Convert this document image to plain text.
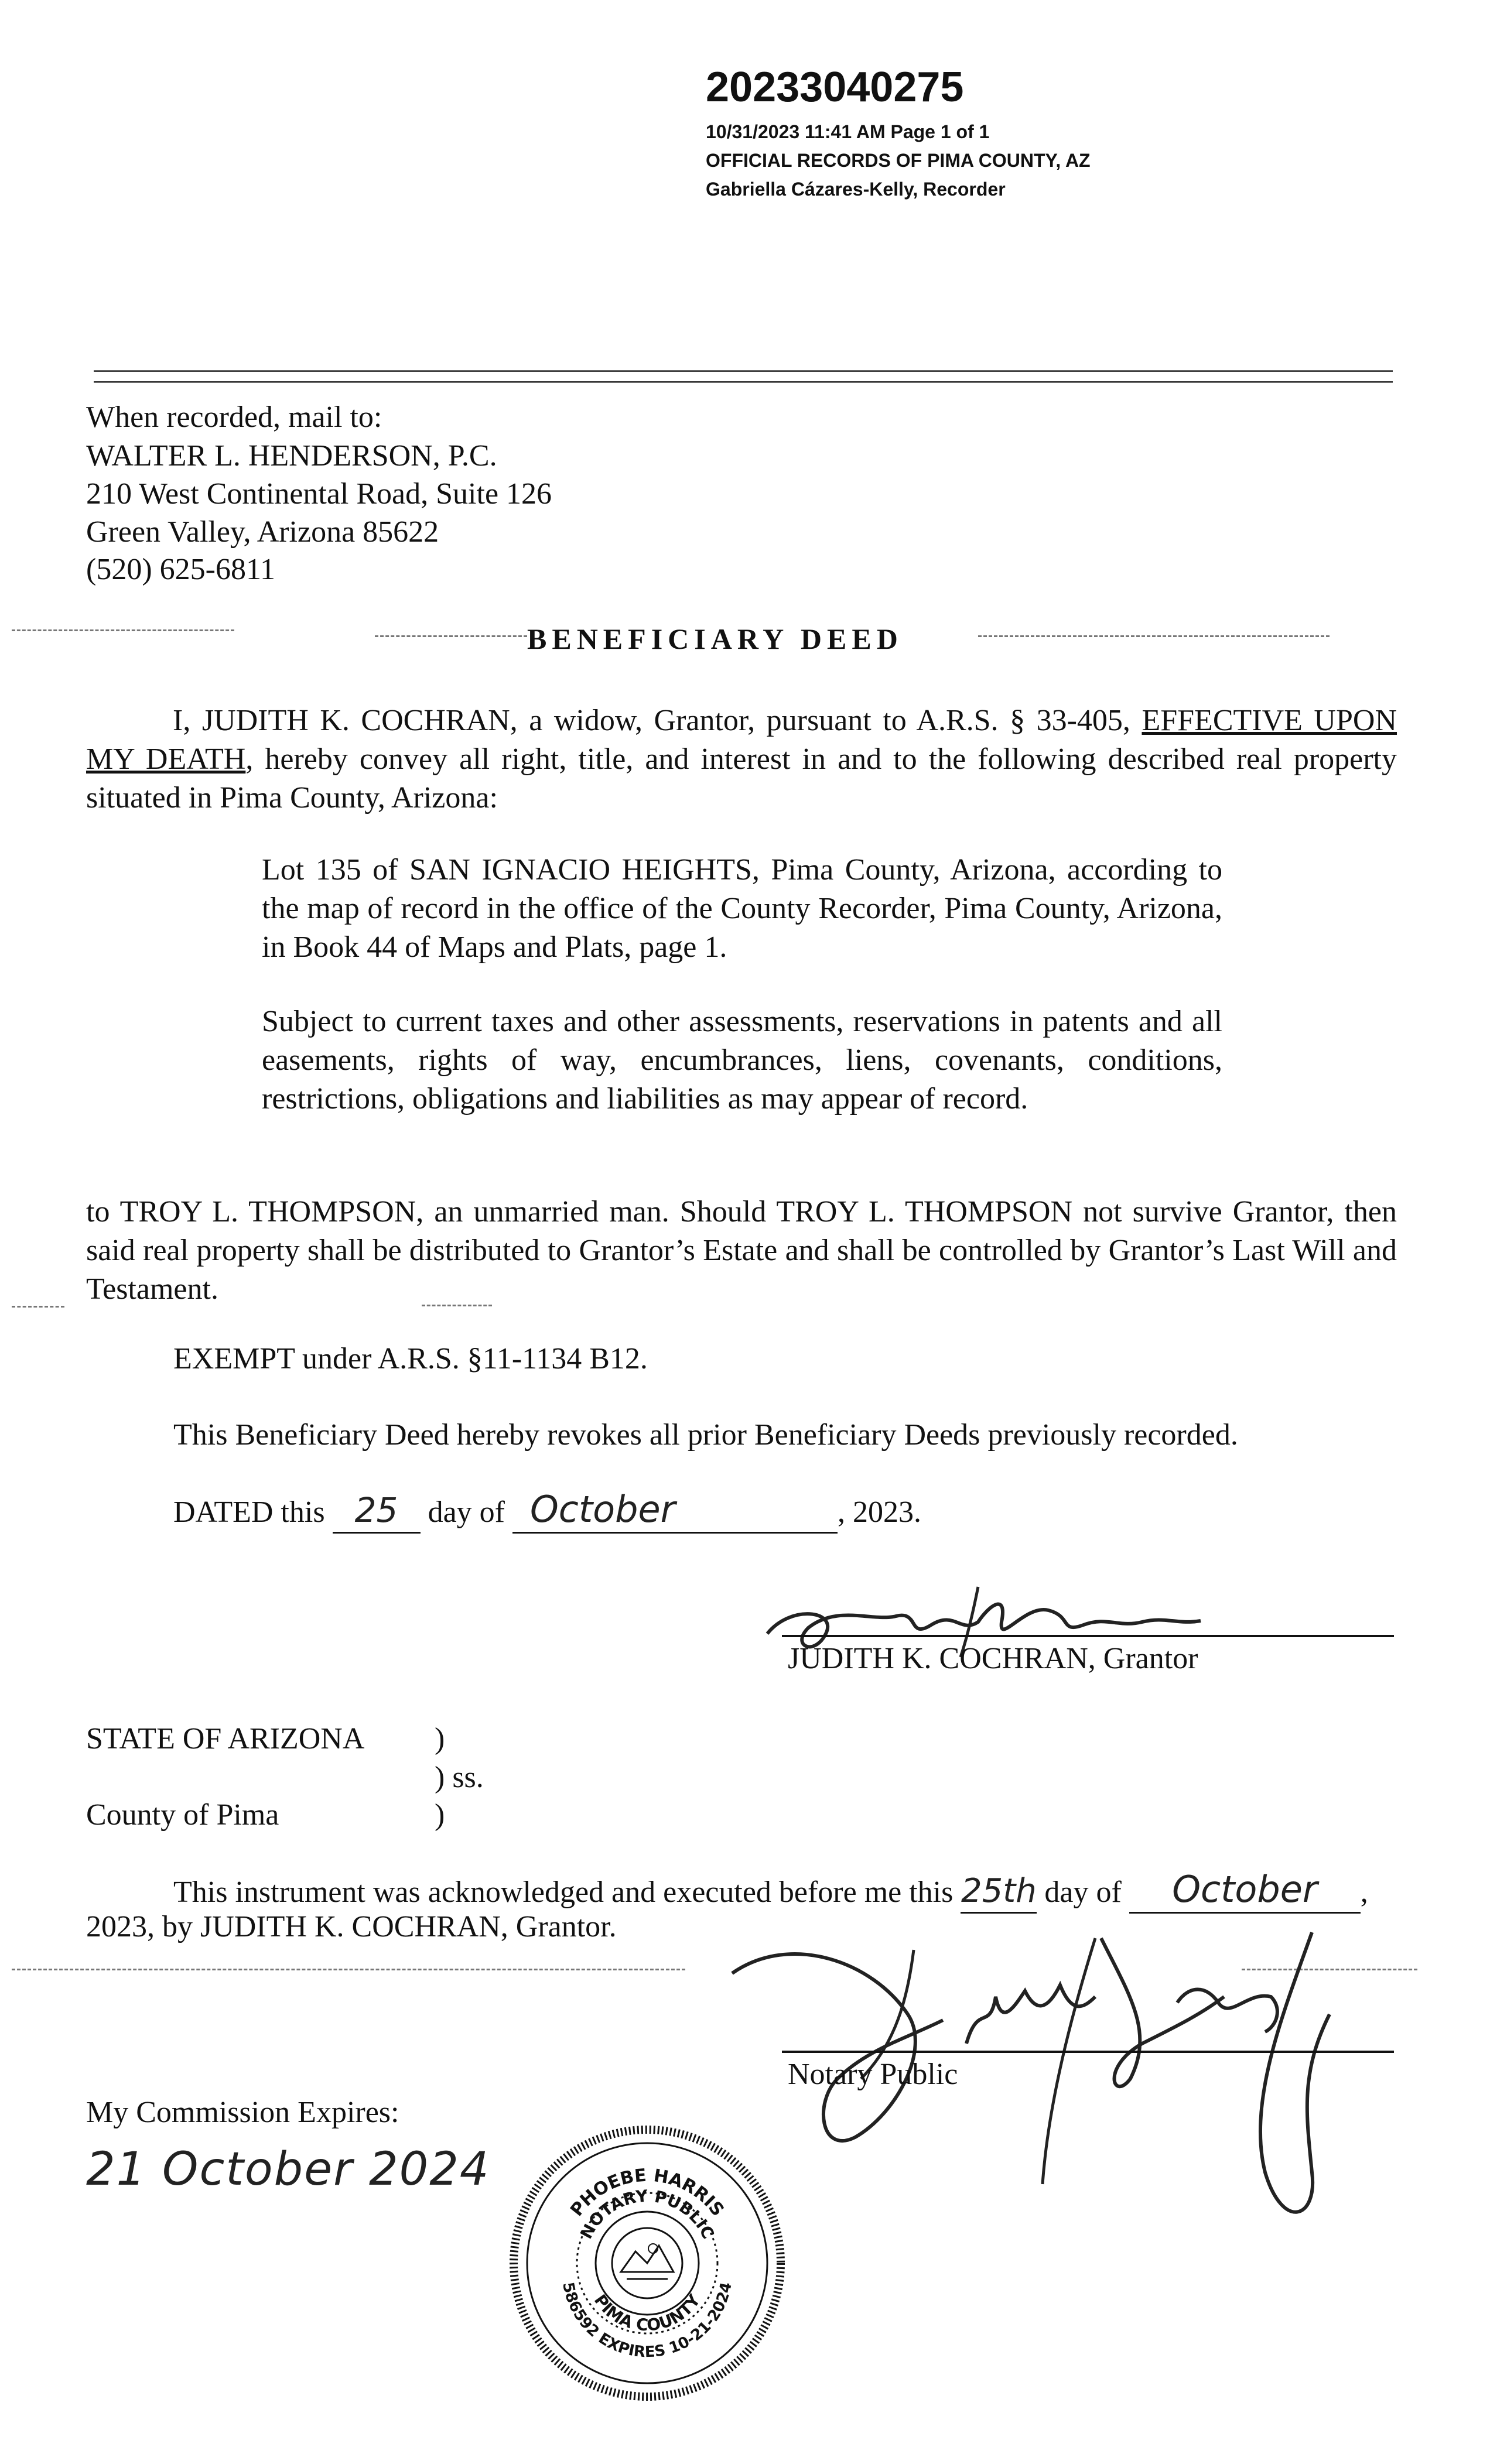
20233040275
10/31/2023 11:41 AM Page 1 of 1
OFFICIAL RECORDS OF PIMA COUNTY, AZ
Gabriella Cázares-Kelly, Recorder
When recorded, mail to:
WALTER L. HENDERSON, P.C.
210 West Continental Road, Suite 126
Green Valley, Arizona 85622
(520) 625-6811
BENEFICIARY DEED
I, JUDITH K. COCHRAN, a widow, Grantor, pursuant to A.R.S. § 33-405, EFFECTIVE UPON MY DEATH, hereby convey all right, title, and interest in and to the following described real property situated in Pima County, Arizona:
Lot 135 of SAN IGNACIO HEIGHTS, Pima County, Arizona, according to the map of record in the office of the County Recorder, Pima County, Arizona, in Book 44 of Maps and Plats, page 1.
Subject to current taxes and other assessments, reservations in patents and all easements, rights of way, encumbrances, liens, covenants, conditions, restrictions, obligations and liabilities as may appear of record.
to TROY L. THOMPSON, an unmarried man. Should TROY L. THOMPSON not survive Grantor, then said real property shall be distributed to Grantor’s Estate and shall be controlled by Grantor’s Last Will and Testament.
EXEMPT under A.R.S. §11-1134 B12.
This Beneficiary Deed hereby revokes all prior Beneficiary Deeds previously recorded.
DATED this 25 day of October	, 2023.
JUDITH K. COCHRAN, Grantor
STATE OF ARIZONA )
) ss.
County of Pima	)
This instrument was acknowledged and executed before me this 25th day of October ,
2023, by JUDITH K. COCHRAN, Grantor.
Notary Public
My Commission Expires:
21 October 2024
PHOEBE HARRIS
NOTARY PUBLIC
PIMA COUNTY
586592 EXPIRES 10-21-2024
